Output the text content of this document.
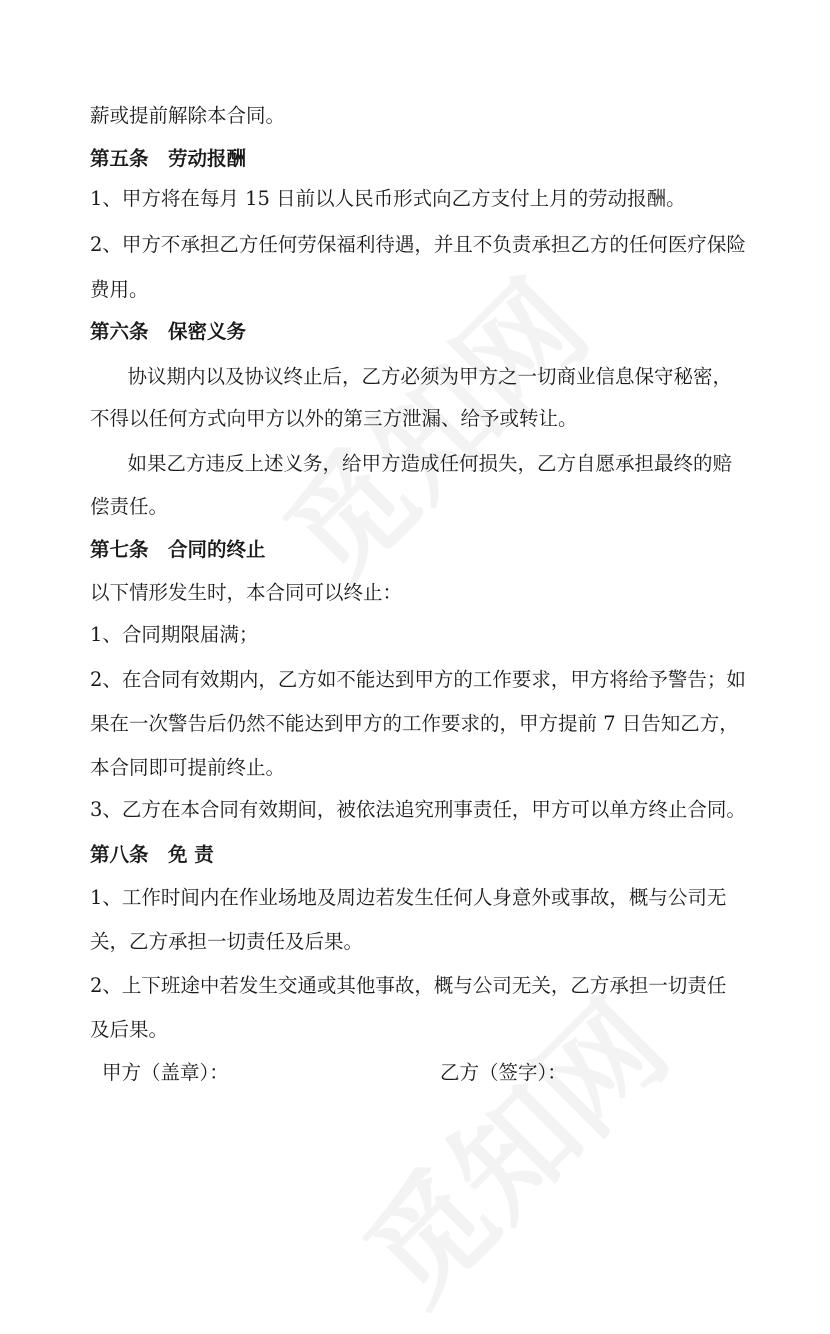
薪或提前解除本合同。
第五条　劳动报酬
1、甲方将在每月 15 日前以人民币形式向乙方支付上月的劳动报酬。
2、甲方不承担乙方任何劳保福利待遇，并且不负责承担乙方的任何医疗保险
费用。
第六条　保密义务
　协议期内以及协议终止后，乙方必须为甲方之一切商业信息保守秘密，
不得以任何方式向甲方以外的第三方泄漏、给予或转让。
　如果乙方违反上述义务，给甲方造成任何损失，乙方自愿承担最终的赔
偿责任。
第七条　合同的终止
以下情形发生时，本合同可以终止：
1、合同期限届满；
2、在合同有效期内，乙方如不能达到甲方的工作要求，甲方将给予警告；如
果在一次警告后仍然不能达到甲方的工作要求的，甲方提前 7 日告知乙方，
本合同即可提前终止。
3、乙方在本合同有效期间，被依法追究刑事责任，甲方可以单方终止合同。
第八条　免 责
1、工作时间内在作业场地及周边若发生任何人身意外或事故，概与公司无
关，乙方承担一切责任及后果。
2、上下班途中若发生交通或其他事故，概与公司无关，乙方承担一切责任
及后果。
甲方（盖章）：	乙方（签字）：
